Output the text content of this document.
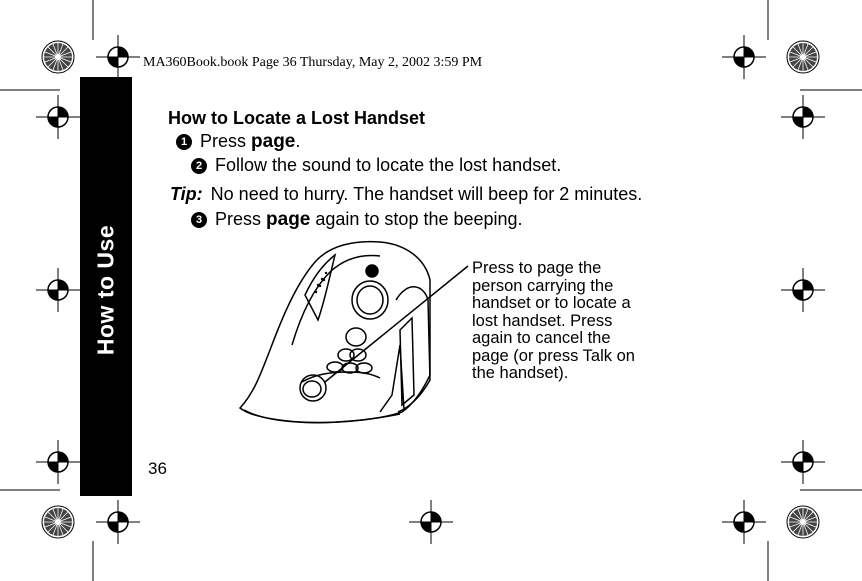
MA360Book.book Page 36 Thursday, May 2, 2002 3:59 PM
How to Use
How to Locate a Lost Handset
1 Press page.
2 Follow the sound to locate the lost handset.
Tip: No need to hurry. The handset will beep for 2 minutes.
3 Press page again to stop the beeping.
Press to page the person carrying the handset or to locate a lost handset. Press again to cancel the page (or press Talk on the handset).
36
